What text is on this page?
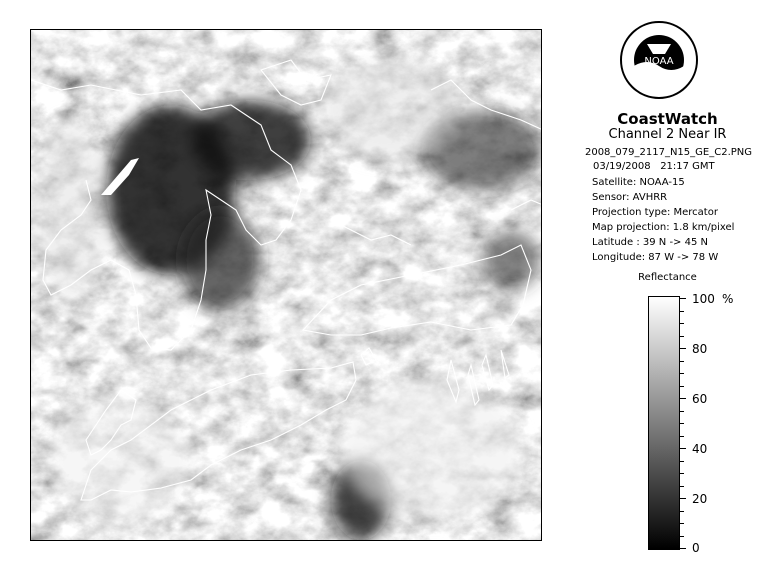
NOAA
CoastWatch
Channel 2 Near IR
2008_079_2117_N15_GE_C2.PNG
03/19/2008 21:17 GMT
Satellite: NOAA-15
Sensor: AVHRR
Projection type: Mercator
Map projection: 1.8 km/pixel
Latitude : 39 N -> 45 N
Longitude: 87 W -> 78 W
Reflectance
%
100
80
60
40
20
0
